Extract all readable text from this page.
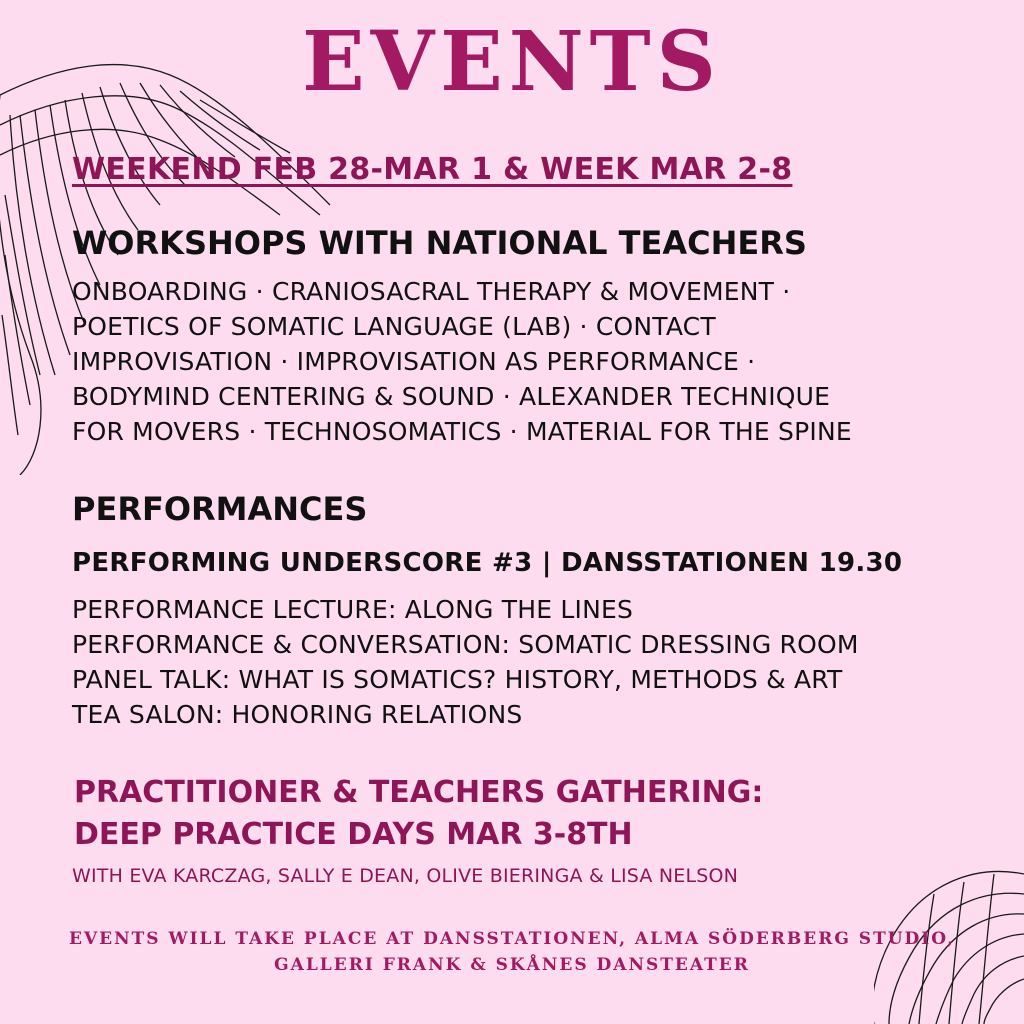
EVENTS
WEEKEND FEB 28-MAR 1 & WEEK MAR 2-8
WORKSHOPS WITH NATIONAL TEACHERS
ONBOARDING · CRANIOSACRAL THERAPY & MOVEMENT ·
POETICS OF SOMATIC LANGUAGE (LAB) · CONTACT
IMPROVISATION · IMPROVISATION AS PERFORMANCE ·
BODYMIND CENTERING & SOUND · ALEXANDER TECHNIQUE
FOR MOVERS · TECHNOSOMATICS · MATERIAL FOR THE SPINE
PERFORMANCES
PERFORMING UNDERSCORE #3 | DANSSTATIONEN 19.30
PERFORMANCE LECTURE: ALONG THE LINES
PERFORMANCE & CONVERSATION: SOMATIC DRESSING ROOM
PANEL TALK: WHAT IS SOMATICS? HISTORY, METHODS & ART
TEA SALON: HONORING RELATIONS
PRACTITIONER & TEACHERS GATHERING:
DEEP PRACTICE DAYS MAR 3-8TH
WITH EVA KARCZAG, SALLY E DEAN, OLIVE BIERINGA & LISA NELSON
EVENTS WILL TAKE PLACE AT DANSSTATIONEN, ALMA SÖDERBERG STUDIO,
GALLERI FRANK & SKÅNES DANSTEATER
